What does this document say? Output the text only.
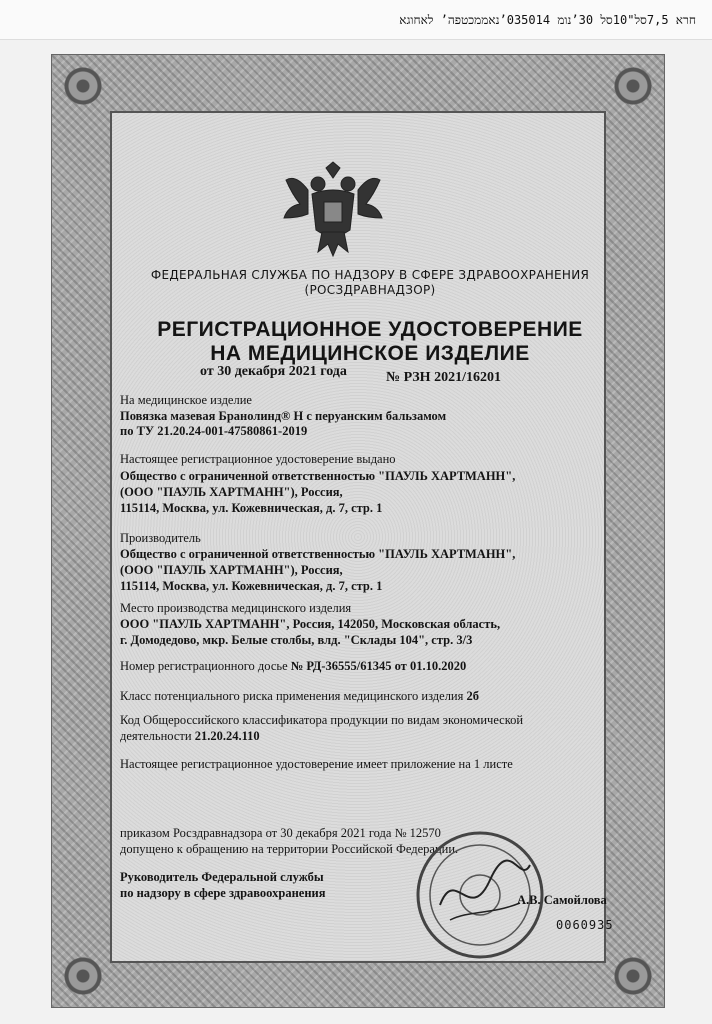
חרא 7,5סל"10סל 30’נומ 035014’נאממכטפה’ לאחוגא
ФЕДЕРАЛЬНАЯ СЛУЖБА ПО НАДЗОРУ В СФЕРЕ ЗДРАВООХРАНЕНИЯ
(РОСЗДРАВНАДЗОР)
РЕГИСТРАЦИОННОЕ УДОСТОВЕРЕНИЕ
НА МЕДИЦИНСКОЕ ИЗДЕЛИЕ
от 30 декабря 2021 года	№ РЗН 2021/16201
На медицинское изделие
Повязка мазевая Бранолинд® Н с перуанским бальзамом
по ТУ 21.20.24-001-47580861-2019
Настоящее регистрационное удостоверение выдано
Общество с ограниченной ответственностью "ПАУЛЬ ХАРТМАНН",
(ООО "ПАУЛЬ ХАРТМАНН"), Россия,
115114, Москва, ул. Кожевническая, д. 7, стр. 1
Производитель
Общество с ограниченной ответственностью "ПАУЛЬ ХАРТМАНН",
(ООО "ПАУЛЬ ХАРТМАНН"), Россия,
115114, Москва, ул. Кожевническая, д. 7, стр. 1
Место производства медицинского изделия
ООО "ПАУЛЬ ХАРТМАНН", Россия, 142050, Московская область,
г. Домодедово, мкр. Белые столбы, влд. "Склады 104", стр. 3/3
Номер регистрационного досье № РД-36555/61345 от 01.10.2020
Класс потенциального риска применения медицинского изделия 2б
Код Общероссийского классификатора продукции по видам экономической
деятельности 21.20.24.110
Настоящее регистрационное удостоверение имеет приложение на 1 листе
приказом Росздравнадзора от 30 декабря 2021 года № 12570
допущено к обращению на территории Российской Федерации.
Руководитель Федеральной службы
по надзору в сфере здравоохранения	А.В. Самойлова
0060935
